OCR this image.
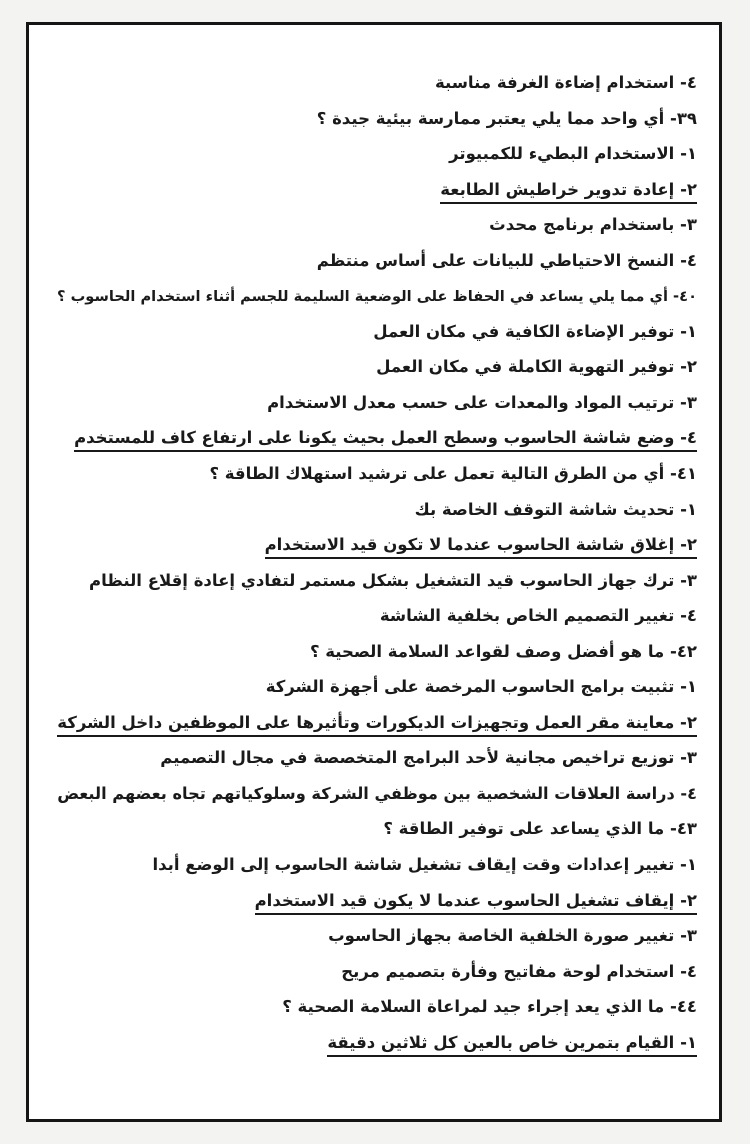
٤- استخدام إضاءة الغرفة مناسبة
٣٩- أي واحد مما يلي يعتبر ممارسة بيئية جيدة ؟
١- الاستخدام البطيء للكمبيوتر
٢- إعادة تدوير خراطيش الطابعة
٣- باستخدام برنامج محدث
٤- النسخ الاحتياطي للبيانات على أساس منتظم
٤٠- أي مما يلي يساعد في الحفاظ على الوضعية السليمة للجسم أثناء استخدام الحاسوب ؟
١- توفير الإضاءة الكافية في مكان العمل
٢- توفير التهوية الكاملة في مكان العمل
٣- ترتيب المواد والمعدات على حسب معدل الاستخدام
٤- وضع شاشة الحاسوب وسطح العمل بحيث يكونا على ارتفاع كاف للمستخدم
٤١- أي من الطرق التالية تعمل على ترشيد استهلاك الطاقة ؟
١- تحديث شاشة التوقف الخاصة بك
٢- إغلاق شاشة الحاسوب عندما لا تكون قيد الاستخدام
٣- ترك جهاز الحاسوب قيد التشغيل بشكل مستمر لتفادي إعادة إقلاع النظام
٤- تغيير التصميم الخاص بخلفية الشاشة
٤٢- ما هو أفضل وصف لقواعد السلامة الصحية ؟
١- تثبيت برامج الحاسوب المرخصة على أجهزة الشركة
٢- معاينة مقر العمل وتجهيزات الديكورات وتأثيرها على الموظفين داخل الشركة
٣- توزيع تراخيص مجانية لأحد البرامج المتخصصة في مجال التصميم
٤- دراسة العلاقات الشخصية بين موظفي الشركة وسلوكياتهم تجاه بعضهم البعض
٤٣- ما الذي يساعد على توفير الطاقة ؟
١- تغيير إعدادات وقت إيقاف تشغيل شاشة الحاسوب إلى الوضع أبدا
٢- إيقاف تشغيل الحاسوب عندما لا يكون قيد الاستخدام
٣- تغيير صورة الخلفية الخاصة بجهاز الحاسوب
٤- استخدام لوحة مفاتيح وفأرة بتصميم مريح
٤٤- ما الذي يعد إجراء جيد لمراعاة السلامة الصحية ؟
١- القيام بتمرين خاص بالعين كل ثلاثين دقيقة
